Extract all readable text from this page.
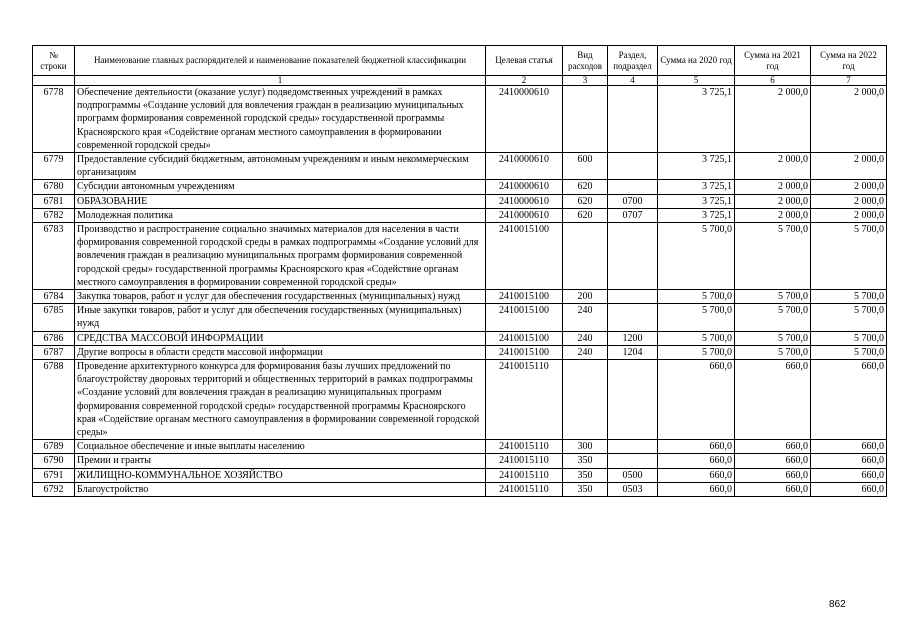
№ строки	Наименование главных распорядителей и наименование показателей бюджетной классификации	Целевая статья	Вид расходов	Раздел, подраздел	Сумма на 2020 год	Сумма на 2021 год	Сумма на 2022 год
	1	2	3	4	5	6	7
6778	Обеспечение деятельности (оказание услуг) подведомственных учреждений в рамках подпрограммы «Создание условий для вовлечения граждан в реализацию муниципальных программ формирования современной городской среды» государственной программы Красноярского края «Содействие органам местного самоуправления в формировании современной городской среды»	2410000610			3 725,1	2 000,0	2 000,0
6779	Предоставление субсидий бюджетным, автономным учреждениям и иным некоммерческим организациям	2410000610	600		3 725,1	2 000,0	2 000,0
6780	Субсидии автономным учреждениям	2410000610	620		3 725,1	2 000,0	2 000,0
6781	ОБРАЗОВАНИЕ	2410000610	620	0700	3 725,1	2 000,0	2 000,0
6782	Молодежная политика	2410000610	620	0707	3 725,1	2 000,0	2 000,0
6783	Производство и распространение социально значимых материалов для населения в части формирования современной городской среды в рамках подпрограммы «Создание условий для вовлечения граждан в реализацию муниципальных программ формирования современной городской среды» государственной программы Красноярского края «Содействие органам местного самоуправления в формировании современной городской среды»	2410015100			5 700,0	5 700,0	5 700,0
6784	Закупка товаров, работ и услуг для обеспечения государственных (муниципальных) нужд	2410015100	200		5 700,0	5 700,0	5 700,0
6785	Иные закупки товаров, работ и услуг для обеспечения государственных (муниципальных) нужд	2410015100	240		5 700,0	5 700,0	5 700,0
6786	СРЕДСТВА МАССОВОЙ ИНФОРМАЦИИ	2410015100	240	1200	5 700,0	5 700,0	5 700,0
6787	Другие вопросы в области средств массовой информации	2410015100	240	1204	5 700,0	5 700,0	5 700,0
6788	Проведение архитектурного конкурса для формирования базы лучших предложений по благоустройству дворовых территорий и общественных территорий в рамках подпрограммы «Создание условий для вовлечения граждан в реализацию муниципальных программ формирования современной городской среды» государственной программы Красноярского края «Содействие органам местного самоуправления в формировании современной городской среды»	2410015110			660,0	660,0	660,0
6789	Социальное обеспечение и иные выплаты населению	2410015110	300		660,0	660,0	660,0
6790	Премии и гранты	2410015110	350		660,0	660,0	660,0
6791	ЖИЛИЩНО-КОММУНАЛЬНОЕ ХОЗЯЙСТВО	2410015110	350	0500	660,0	660,0	660,0
6792	Благоустройство	2410015110	350	0503	660,0	660,0	660,0
862
